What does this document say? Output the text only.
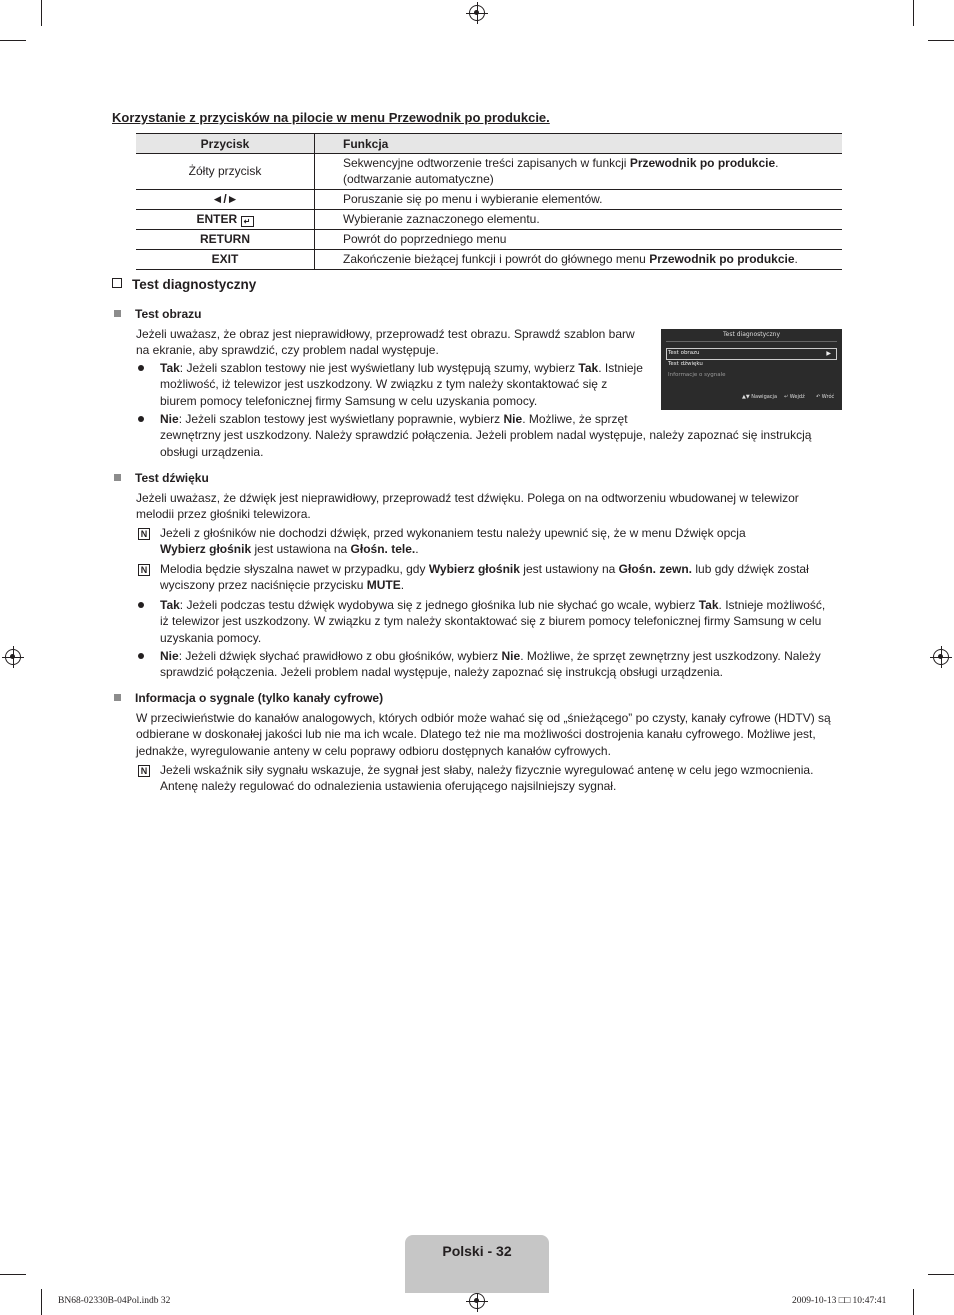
Korzystanie z przycisków na pilocie w menu Przewodnik po produkcie.
Przycisk	Funkcja
Żółty przycisk	Sekwencyjne odtworzenie treści zapisanych w funkcji Przewodnik po produkcie.
(odtwarzanie automatyczne)
◄/►	Poruszanie się po menu i wybieranie elementów.
ENTER ↵	Wybieranie zaznaczonego elementu.
RETURN	Powrót do poprzedniego menu
EXIT	Zakończenie bieżącej funkcji i powrót do głównego menu Przewodnik po produkcie.
Test diagnostyczny
Test obrazu
Jeżeli uważasz, że obraz jest nieprawidłowy, przeprowadź test obrazu. Sprawdź szablon barw
na ekranie, aby sprawdzić, czy problem nadal występuje.
Tak: Jeżeli szablon testowy nie jest wyświetlany lub występują szumy, wybierz Tak. Istnieje
możliwość, iż telewizor jest uszkodzony. W związku z tym należy skontaktować się z
biurem pomocy telefonicznej firmy Samsung w celu uzyskania pomocy.
Nie: Jeżeli szablon testowy jest wyświetlany poprawnie, wybierz Nie. Możliwe, że sprzęt
zewnętrzny jest uszkodzony. Należy sprawdzić połączenia. Jeżeli problem nadal występuje, należy zapoznać się instrukcją
obsługi urządzenia.
Test diagnostyczny
Test obrazu	▶
Test dźwięku
Informacje o sygnale
▲▼ Nawigacja ↵ Wejdź ↶ Wróć
Test dźwięku
Jeżeli uważasz, że dźwięk jest nieprawidłowy, przeprowadź test dźwięku. Polega on na odtworzeniu wbudowanej w telewizor
melodii przez głośniki telewizora.
N Jeżeli z głośników nie dochodzi dźwięk, przed wykonaniem testu należy upewnić się, że w menu Dźwięk opcja
Wybierz głośnik jest ustawiona na Głośn. tele..
N Melodia będzie słyszalna nawet w przypadku, gdy Wybierz głośnik jest ustawiony na Głośn. zewn. lub gdy dźwięk został
wyciszony przez naciśnięcie przycisku MUTE.
Tak: Jeżeli podczas testu dźwięk wydobywa się z jednego głośnika lub nie słychać go wcale, wybierz Tak. Istnieje możliwość,
iż telewizor jest uszkodzony. W związku z tym należy skontaktować się z biurem pomocy telefonicznej firmy Samsung w celu
uzyskania pomocy.
Nie: Jeżeli dźwięk słychać prawidłowo z obu głośników, wybierz Nie. Możliwe, że sprzęt zewnętrzny jest uszkodzony. Należy
sprawdzić połączenia. Jeżeli problem nadal występuje, należy zapoznać się instrukcją obsługi urządzenia.
Informacja o sygnale (tylko kanały cyfrowe)
W przeciwieństwie do kanałów analogowych, których odbiór może wahać się od „śnieżącego” po czysty, kanały cyfrowe (HDTV) są
odbierane w doskonałej jakości lub nie ma ich wcale. Dlatego też nie ma możliwości dostrojenia kanału cyfrowego. Możliwe jest,
jednakże, wyregulowanie anteny w celu poprawy odbioru dostępnych kanałów cyfrowych.
N Jeżeli wskaźnik siły sygnału wskazuje, że sygnał jest słaby, należy fizycznie wyregulować antenę w celu jego wzmocnienia.
Antenę należy regulować do odnalezienia ustawienia oferującego najsilniejszy sygnał.
Polski - 32
BN68-02330B-04Pol.indb 32	2009-10-13 □□ 10:47:41
